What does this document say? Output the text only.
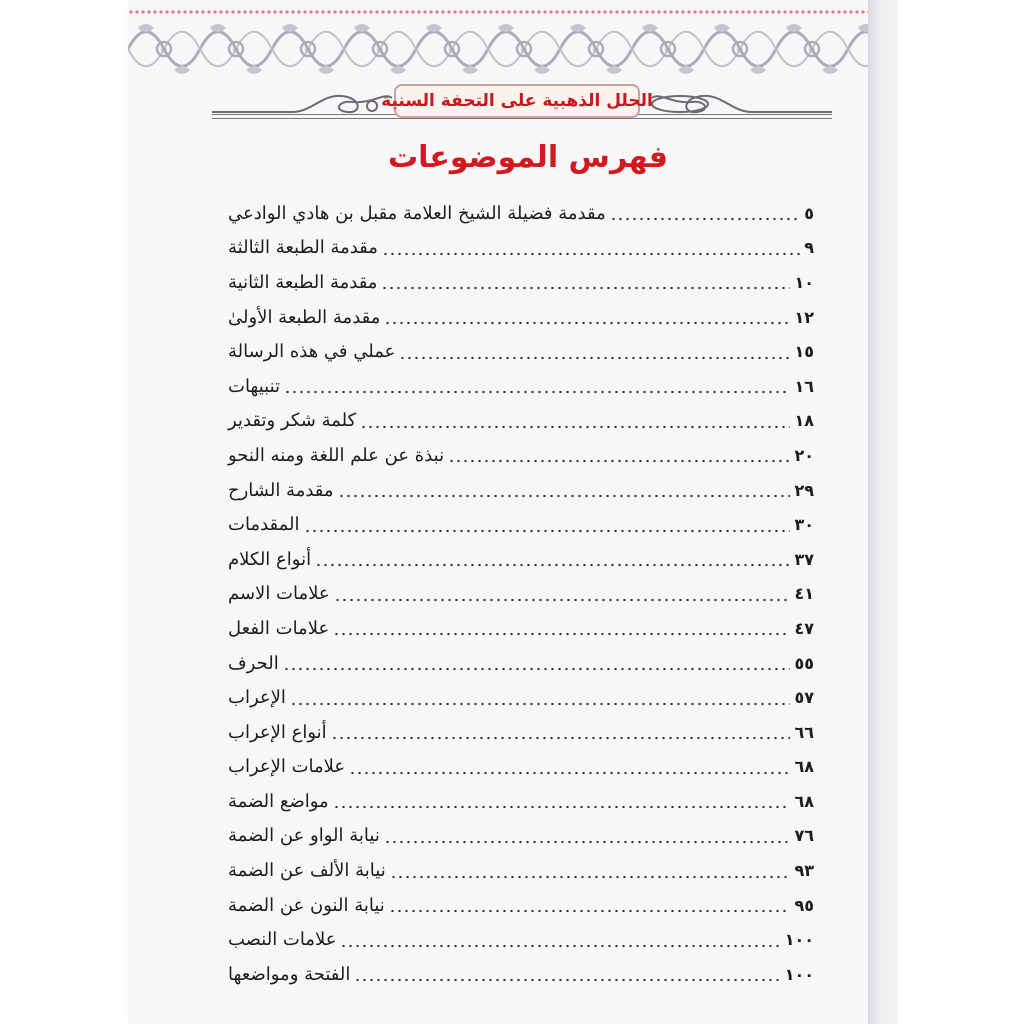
الحلل الذهبية على التحفة السنية
فهرس الموضوعات
مقدمة فضيلة الشيخ العلامة مقبل بن هادي الوادعي	٥
مقدمة الطبعة الثالثة	٩
مقدمة الطبعة الثانية	١٠
مقدمة الطبعة الأولىٰ	١٢
عملي في هذه الرسالة	١٥
تنبيهات	١٦
كلمة شكر وتقدير	١٨
نبذة عن علم اللغة ومنه النحو	٢٠
مقدمة الشارح	٢٩
المقدمات	٣٠
أنواع الكلام	٣٧
علامات الاسم	٤١
علامات الفعل	٤٧
الحرف	٥٥
الإعراب	٥٧
أنواع الإعراب	٦٦
علامات الإعراب	٦٨
مواضع الضمة	٦٨
نيابة الواو عن الضمة	٧٦
نيابة الألف عن الضمة	٩٣
نيابة النون عن الضمة	٩٥
علامات النصب	١٠٠
الفتحة ومواضعها	١٠٠
